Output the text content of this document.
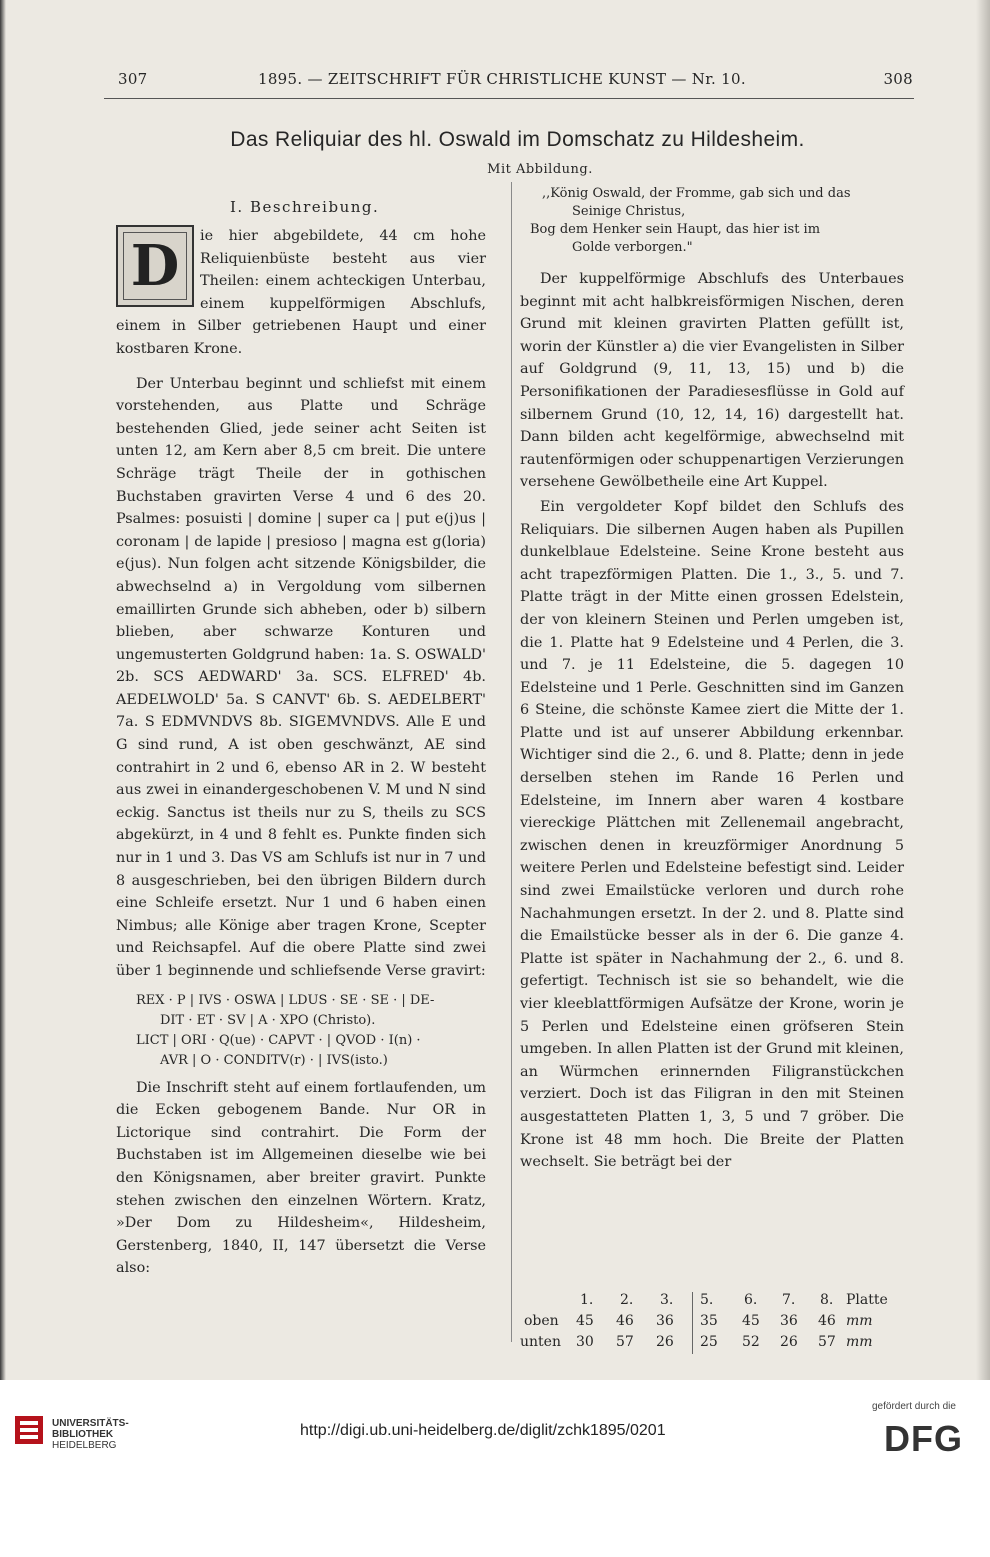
307	1895. — ZEITSCHRIFT FÜR CHRISTLICHE KUNST — Nr. 10.	308
Das Reliquiar des hl. Oswald im Domschatz zu Hildesheim.
Mit Abbildung.
I. Beschreibung.

D	ie hier abgebildete, 44 cm hohe Reliquienbüste besteht aus vier Theilen: einem achteckigen Unterbau, einem kuppelförmigen Abschlufs, einem in Silber getriebenen Haupt und einer kostbaren Krone.

Der Unterbau beginnt und schliefst mit einem vorstehenden, aus Platte und Schräge bestehenden Glied, jede seiner acht Seiten ist unten 12, am Kern aber 8,5 cm breit. Die untere Schräge trägt Theile der in gothischen Buchstaben gravirten Verse 4 und 6 des 20. Psalmes: posuisti | domine | super ca | put e(j)us | coronam | de lapide | presioso | magna est g(loria) e(jus). Nun folgen acht sitzende Königsbilder, die abwechselnd a) in Vergoldung vom silbernen emaillirten Grunde sich abheben, oder b) silbern blieben, aber schwarze Konturen und ungemusterten Goldgrund haben: 1a. S. OSWALD' 2b. SCS AEDWARD' 3a. SCS. ELFRED' 4b. AEDELWOLD' 5a. S CANVT' 6b. S. AEDELBERT' 7a. S EDMVNDVS 8b. SIGEMVNDVS. Alle E und G sind rund, A ist oben geschwänzt, AE sind contrahirt in 2 und 6, ebenso AR in 2. W besteht aus zwei in einandergeschobenen V. M und N sind eckig. Sanctus ist theils nur zu S, theils zu SCS abgekürzt, in 4 und 8 fehlt es. Punkte finden sich nur in 1 und 3. Das VS am Schlufs ist nur in 7 und 8 ausgeschrieben, bei den übrigen Bildern durch eine Schleife ersetzt. Nur 1 und 6 haben einen Nimbus; alle Könige aber tragen Krone, Scepter und Reichsapfel. Auf die obere Platte sind zwei über 1 beginnende und schliefsende Verse gravirt:

REX · P | IVS · OSWA | LDUS · SE · SE · | DE-
DIT · ET · SV | A · XPO (Christo).
LICT | ORI · Q(ue) · CAPVT · | QVOD · I(n) ·
AVR | O · CONDITV(r) · | IVS(isto.)

Die Inschrift steht auf einem fortlaufenden, um die Ecken gebogenem Bande. Nur OR in Lictorique sind contrahirt. Die Form der Buchstaben ist im Allgemeinen dieselbe wie bei den Königsnamen, aber breiter gravirt. Punkte stehen zwischen den einzelnen Wörtern. Kratz, »Der Dom zu Hildesheim«, Hildesheim, Gerstenberg, 1840, II, 147 übersetzt die Verse also:

,,König Oswald, der Fromme, gab sich und das
Seinige Christus,
Bog dem Henker sein Haupt, das hier ist im
Golde verborgen."

Der kuppelförmige Abschlufs des Unterbaues beginnt mit acht halbkreisförmigen Nischen, deren Grund mit kleinen gravirten Platten gefüllt ist, worin der Künstler a) die vier Evangelisten in Silber auf Goldgrund (9, 11, 13, 15) und b) die Personifikationen der Paradiesesflüsse in Gold auf silbernem Grund (10, 12, 14, 16) dargestellt hat. Dann bilden acht kegelförmige, abwechselnd mit rautenförmigen oder schuppenartigen Verzierungen versehene Gewölbetheile eine Art Kuppel.

Ein vergoldeter Kopf bildet den Schlufs des Reliquiars. Die silbernen Augen haben als Pupillen dunkelblaue Edelsteine. Seine Krone besteht aus acht trapezförmigen Platten. Die 1., 3., 5. und 7. Platte trägt in der Mitte einen grossen Edelstein, der von kleinern Steinen und Perlen umgeben ist, die 1. Platte hat 9 Edelsteine und 4 Perlen, die 3. und 7. je 11 Edelsteine, die 5. dagegen 10 Edelsteine und 1 Perle. Geschnitten sind im Ganzen 6 Steine, die schönste Kamee ziert die Mitte der 1. Platte und ist auf unserer Abbildung erkennbar. Wichtiger sind die 2., 6. und 8. Platte; denn in jede derselben stehen im Rande 16 Perlen und Edelsteine, im Innern aber waren 4 kostbare viereckige Plättchen mit Zellenemail angebracht, zwischen denen in kreuzförmiger Anordnung 5 weitere Perlen und Edelsteine befestigt sind. Leider sind zwei Emailstücke verloren und durch rohe Nachahmungen ersetzt. In der 2. und 8. Platte sind die Emailstücke besser als in der 6. Die ganze 4. Platte ist später in Nachahmung der 2., 6. und 8. gefertigt. Technisch ist sie so behandelt, wie die vier kleeblattförmigen Aufsätze der Krone, worin je 5 Perlen und Edelsteine einen gröfseren Stein umgeben. In allen Platten ist der Grund mit kleinen, an Würmchen erinnernden Filigranstückchen verziert. Doch ist das Filigran in den mit Steinen ausgestatteten Platten 1, 3, 5 und 7 gröber. Die Krone ist 48 mm hoch. Die Breite der Platten wechselt. Sie beträgt bei der

1. 2. 3. 5. 6. 7. 8. Platte
oben 45 46 36 35 45 36 46 mm
unten 30 57 26 25 52 26 57 mm
UNIVERSITÄTS-
BIBLIOTHEK
HEIDELBERG
http://digi.ub.uni-heidelberg.de/diglit/zchk1895/0201
gefördert durch die
DFG
